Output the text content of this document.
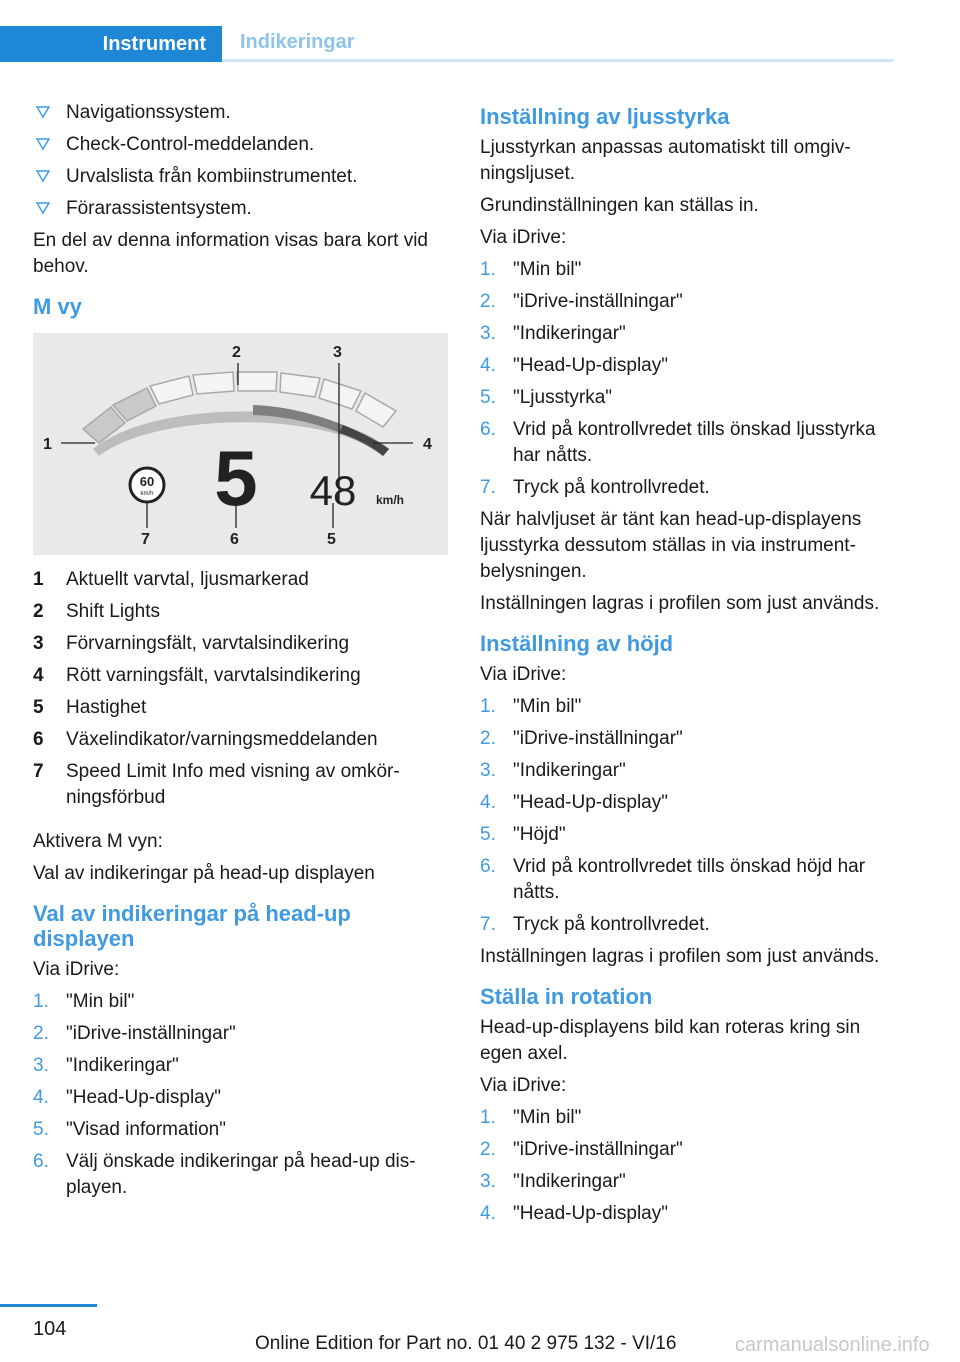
Instrument	Indikeringar
Navigationssystem.
Check-Control-meddelanden.
Urvalslista från kombiinstrumentet.
Förarassistentsystem.

En del av denna information visas bara kort vid behov.

M vy
1
2	3
4
5
6
7
60
km/h 5 48 km/h
1 Aktuellt varvtal, ljusmarkerad
2 Shift Lights
3 Förvarningsfält, varvtalsindikering
4 Rött varningsfält, varvtalsindikering
5 Hastighet
6 Växelindikator/varningsmeddelanden
7 Speed Limit Info med visning av omkörningsförbud

Aktivera M vyn:

Val av indikeringar på head-up displayen

Val av indikeringar på head-up displayen

Via iDrive:

1. "Min bil"
2. "iDrive-inställningar"
3. "Indikeringar"
4. "Head-Up-display"
5. "Visad information"
6. Välj önskade indikeringar på head-up displayen.
Inställning av ljusstyrka

Ljusstyrkan anpassas automatiskt till omgivningsljuset.

Grundinställningen kan ställas in.

Via iDrive:

1. "Min bil"
2. "iDrive-inställningar"
3. "Indikeringar"
4. "Head-Up-display"
5. "Ljusstyrka"
6. Vrid på kontrollvredet tills önskad ljusstyrka har nåtts.
7. Tryck på kontrollvredet.

När halvljuset är tänt kan head-up-displayens ljusstyrka dessutom ställas in via instrumentbelysningen.

Inställningen lagras i profilen som just används.

Inställning av höjd

Via iDrive:

1. "Min bil"
2. "iDrive-inställningar"
3. "Indikeringar"
4. "Head-Up-display"
5. "Höjd"
6. Vrid på kontrollvredet tills önskad höjd har nåtts.
7. Tryck på kontrollvredet.

Inställningen lagras i profilen som just används.

Ställa in rotation

Head-up-displayens bild kan roteras kring sin egen axel.

Via iDrive:

1. "Min bil"
2. "iDrive-inställningar"
3. "Indikeringar"
4. "Head-Up-display"
104
Online Edition for Part no. 01 40 2 975 132 - VI/16	carmanualsonline.info
